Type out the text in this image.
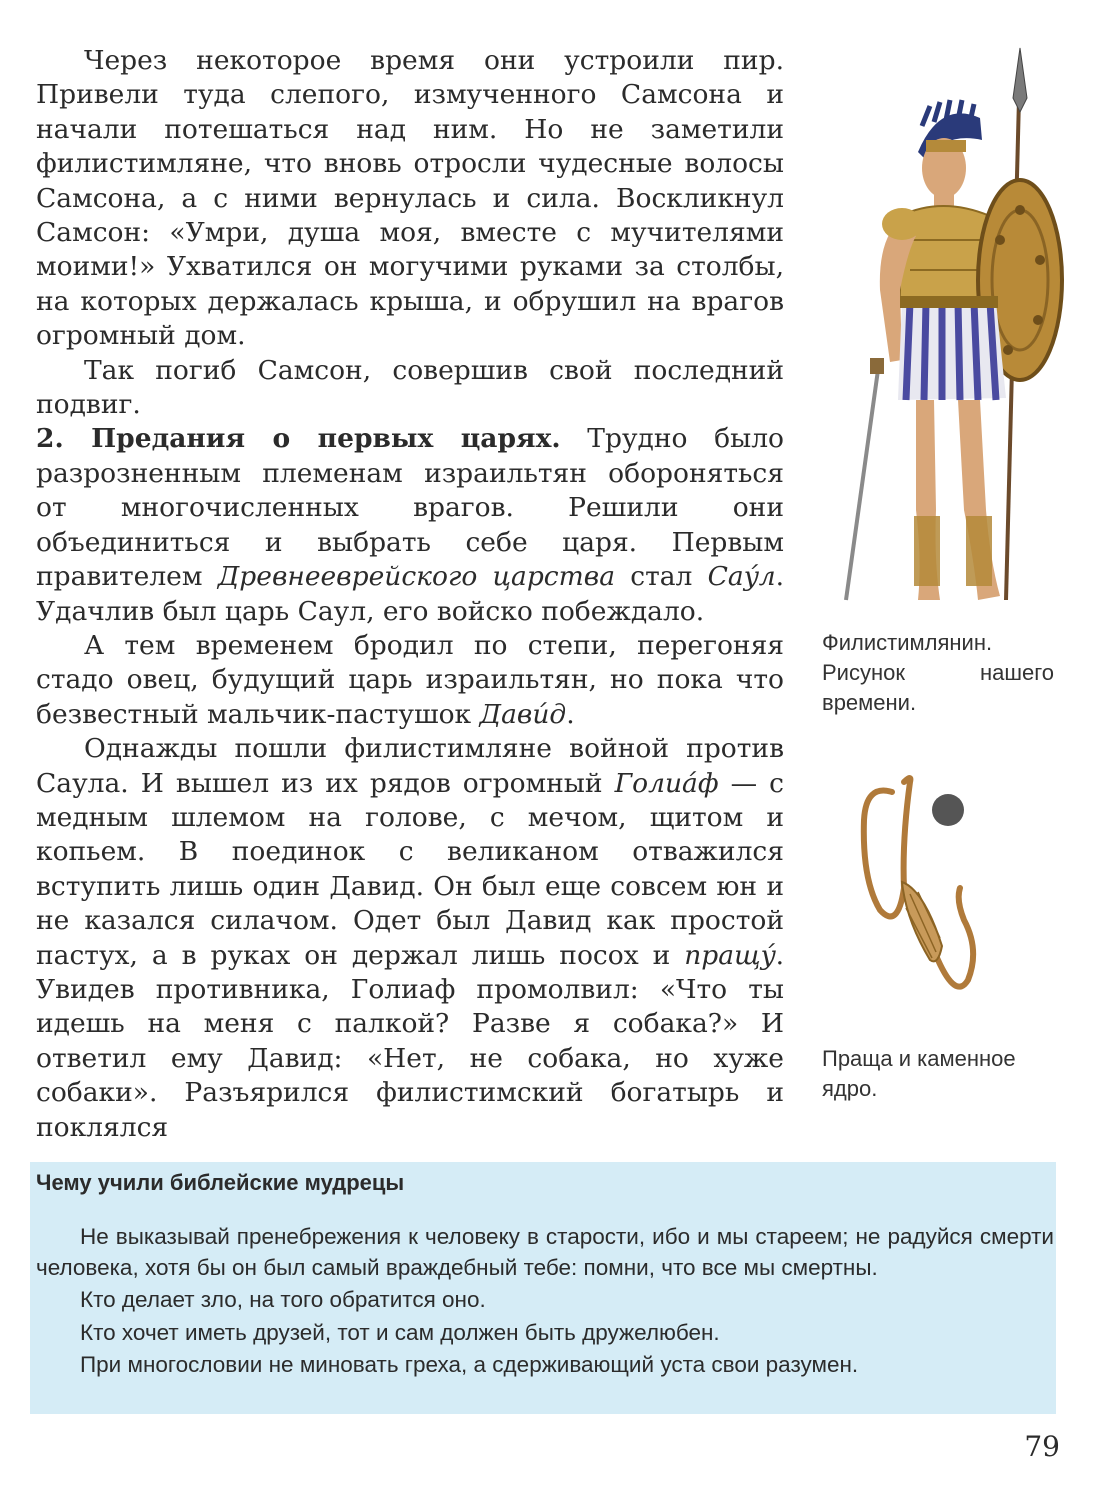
Через некоторое время они устроили пир. Привели туда слепого, измученного Самсона и начали потешаться над ним. Но не заметили филистимляне, что вновь отросли чудесные волосы Самсона, а с ними вернулась и сила. Воскликнул Самсон: «Умри, душа моя, вместе с мучителями моими!» Ухватился он могучими руками за столбы, на которых держалась крыша, и обрушил на врагов огромный дом.

Так погиб Самсон, совершив свой последний подвиг.

2. Предания о первых царях. Трудно было разрозненным племенам израильтян обороняться от многочисленных врагов. Решили они объединиться и выбрать себе царя. Первым правителем Древнееврейского царства стал Саýл. Удачлив был царь Саул, его войско побеждало.

А тем временем бродил по степи, перегоняя стадо овец, будущий царь израильтян, но пока что безвестный мальчик-пастушок Давúд.

Однажды пошли филистимляне войной против Саула. И вышел из их рядов огромный Голиáф — с медным шлемом на голове, с мечом, щитом и копьем. В поединок с великаном отважился вступить лишь один Давид. Он был еще совсем юн и не казался силачом. Одет был Давид как простой пастух, а в руках он держал лишь посох и пращý. Увидев противника, Голиаф промолвил: «Что ты идешь на меня с палкой? Разве я собака?» И ответил ему Давид: «Нет, не собака, но хуже собаки». Разъярился филистимский богатырь и поклялся

Филистимлянин. Рисунок нашего времени.
Праща и каменное ядро.
Чему учили библейские мудрецы

Не выказывай пренебрежения к человеку в старости, ибо и мы стареем; не радуйся смерти человека, хотя бы он был самый враждебный тебе: помни, что все мы смертны.

Кто делает зло, на того обратится оно.

Кто хочет иметь друзей, тот и сам должен быть дружелюбен.

При многословии не миновать греха, а сдерживающий уста свои разумен.

79
